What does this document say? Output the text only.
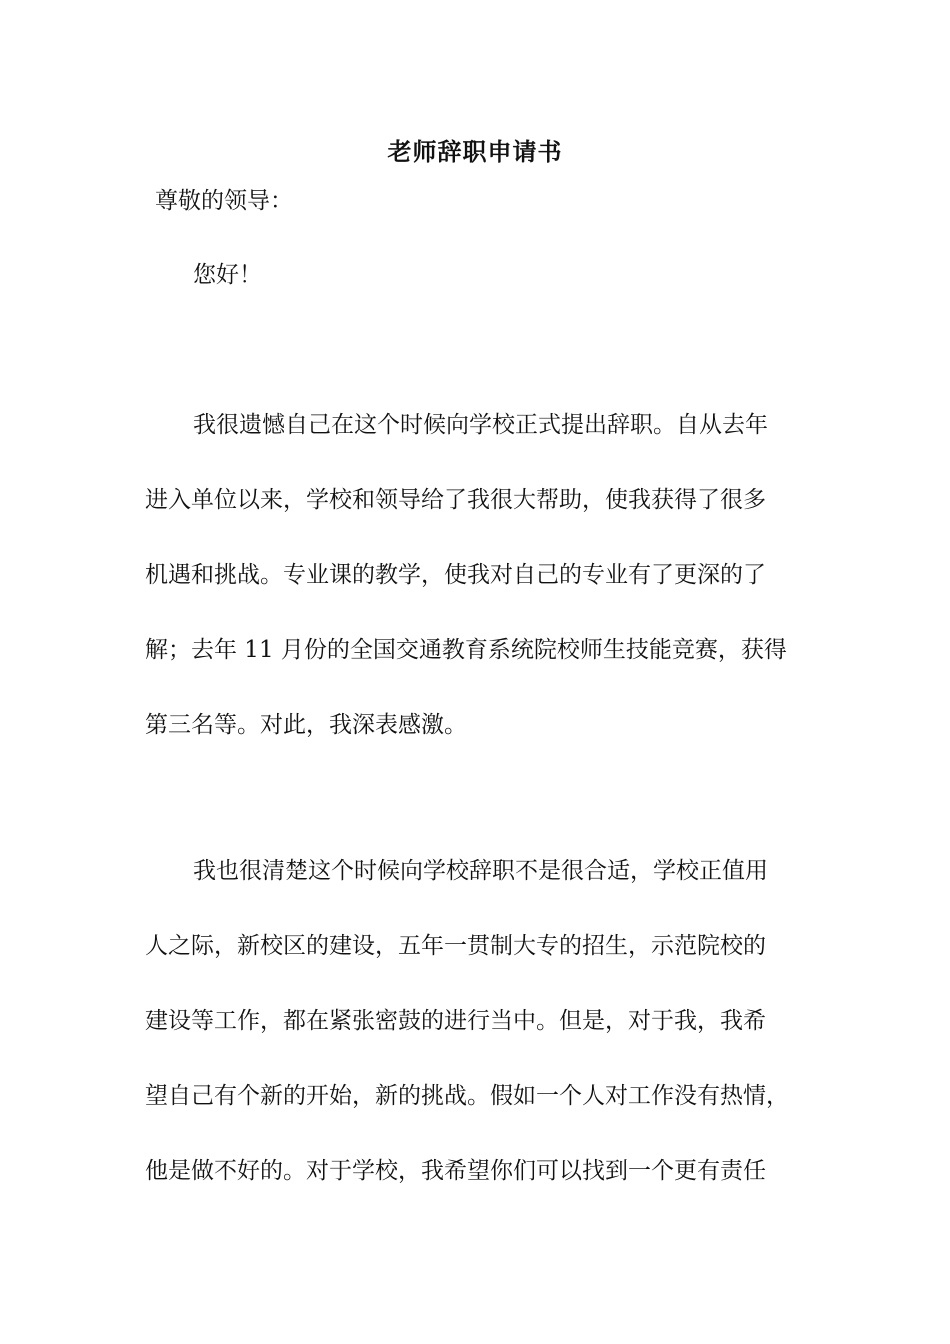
老师辞职申请书
尊敬的领导：
您好！

我很遗憾自己在这个时候向学校正式提出辞职。自从去年
进入单位以来，学校和领导给了我很大帮助，使我获得了很多
机遇和挑战。专业课的教学，使我对自己的专业有了更深的了
解；去年 11 月份的全国交通教育系统院校师生技能竞赛，获得
第三名等。对此，我深表感激。

我也很清楚这个时候向学校辞职不是很合适，学校正值用
人之际，新校区的建设，五年一贯制大专的招生，示范院校的
建设等工作，都在紧张密鼓的进行当中。但是，对于我，我希
望自己有个新的开始，新的挑战。假如一个人对工作没有热情，
他是做不好的。对于学校，我希望你们可以找到一个更有责任
